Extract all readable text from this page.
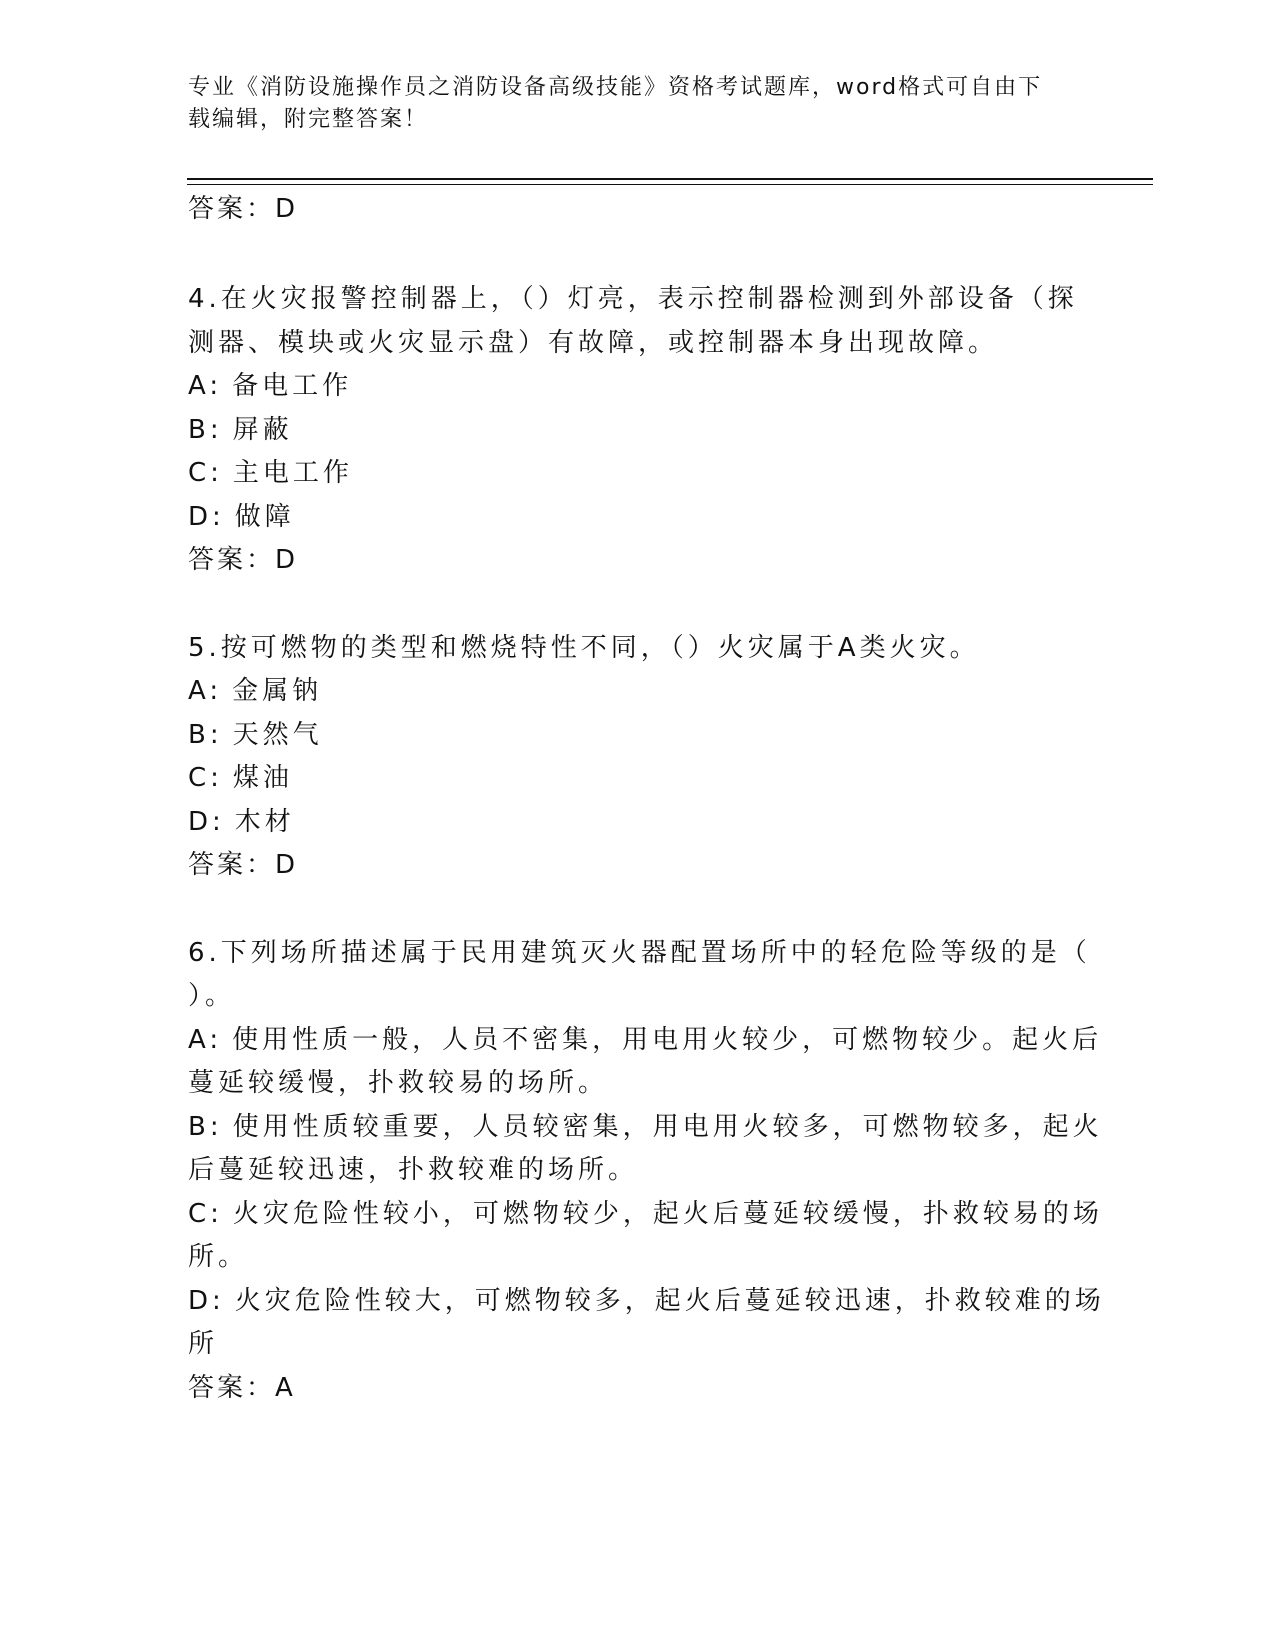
专业《消防设施操作员之消防设备高级技能》资格考试题库，word格式可自由下
载编辑，附完整答案！
答案：D
4.在火灾报警控制器上，（）灯亮，表示控制器检测到外部设备（探
测器、模块或火灾显示盘）有故障，或控制器本身出现故障。
A: 备电工作
B: 屏蔽
C: 主电工作
D: 做障
答案：D
5.按可燃物的类型和燃烧特性不同，（）火灾属于A类火灾。
A: 金属钠
B: 天然气
C: 煤油
D: 木材
答案：D
6.下列场所描述属于民用建筑灭火器配置场所中的轻危险等级的是（
）。
A: 使用性质一般，人员不密集，用电用火较少，可燃物较少。起火后
蔓延较缓慢，扑救较易的场所。
B: 使用性质较重要，人员较密集，用电用火较多，可燃物较多，起火
后蔓延较迅速，扑救较难的场所。
C: 火灾危险性较小，可燃物较少，起火后蔓延较缓慢，扑救较易的场
所。
D: 火灾危险性较大，可燃物较多，起火后蔓延较迅速，扑救较难的场
所
答案：A
